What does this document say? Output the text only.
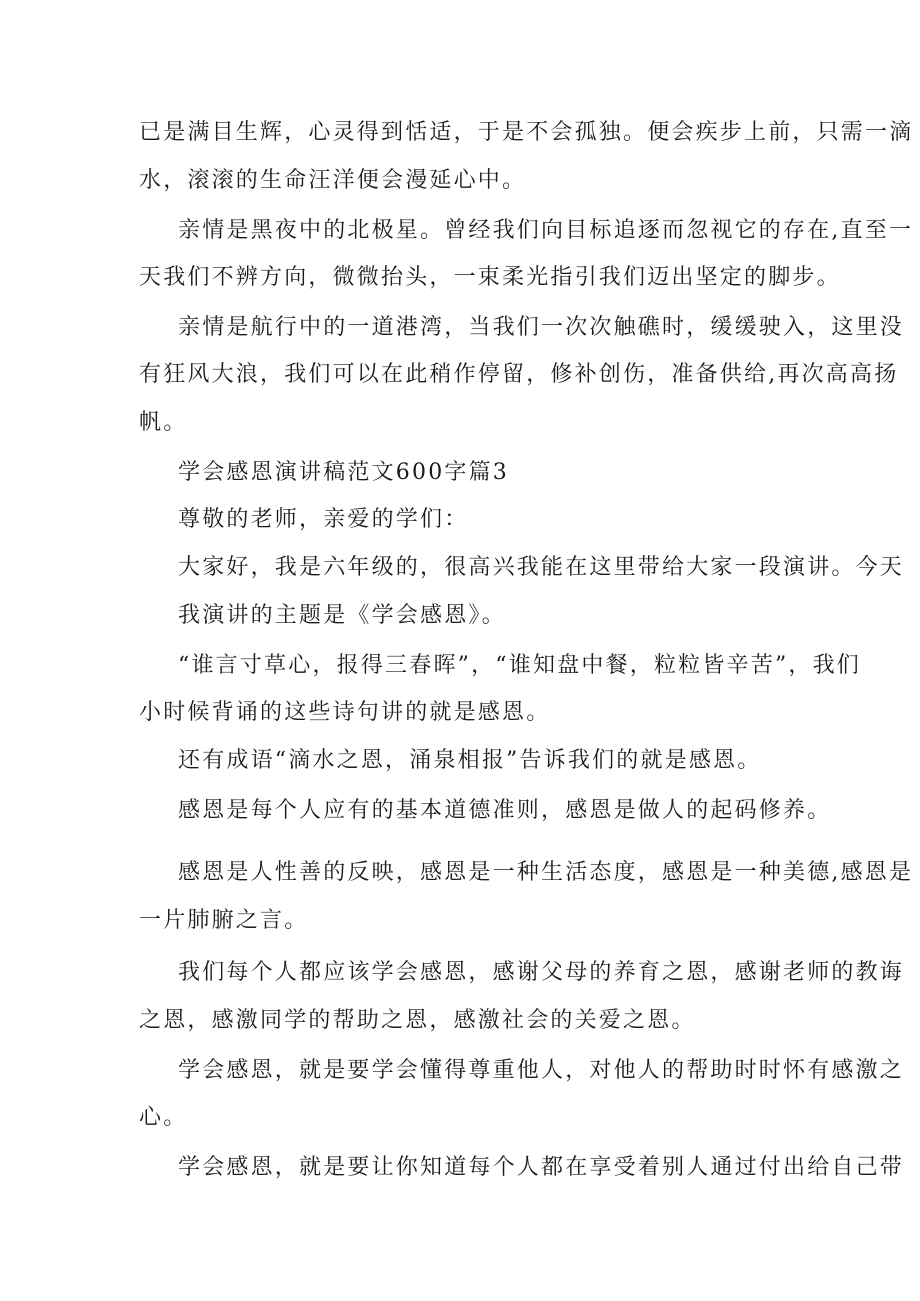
已是满目生辉，心灵得到恬适，于是不会孤独。便会疾步上前，只需一滴
水，滚滚的生命汪洋便会漫延心中。
亲情是黑夜中的北极星。曾经我们向目标追逐而忽视它的存在,直至一
天我们不辨方向，微微抬头，一束柔光指引我们迈出坚定的脚步。
亲情是航行中的一道港湾，当我们一次次触礁时，缓缓驶入，这里没
有狂风大浪，我们可以在此稍作停留，修补创伤，准备供给,再次高高扬
帆。
学会感恩演讲稿范文600字篇3
尊敬的老师，亲爱的学们：
大家好，我是六年级的，很高兴我能在这里带给大家一段演讲。今天
我演讲的主题是《学会感恩》。
“谁言寸草心，报得三春晖”，“谁知盘中餐，粒粒皆辛苦”，我们
小时候背诵的这些诗句讲的就是感恩。
还有成语“滴水之恩，涌泉相报”告诉我们的就是感恩。
感恩是每个人应有的基本道德准则，感恩是做人的起码修养。
感恩是人性善的反映，感恩是一种生活态度，感恩是一种美德,感恩是
一片肺腑之言。
我们每个人都应该学会感恩，感谢父母的养育之恩，感谢老师的教诲
之恩，感激同学的帮助之恩，感激社会的关爱之恩。
学会感恩，就是要学会懂得尊重他人，对他人的帮助时时怀有感激之
心。
学会感恩，就是要让你知道每个人都在享受着别人通过付出给自己带
